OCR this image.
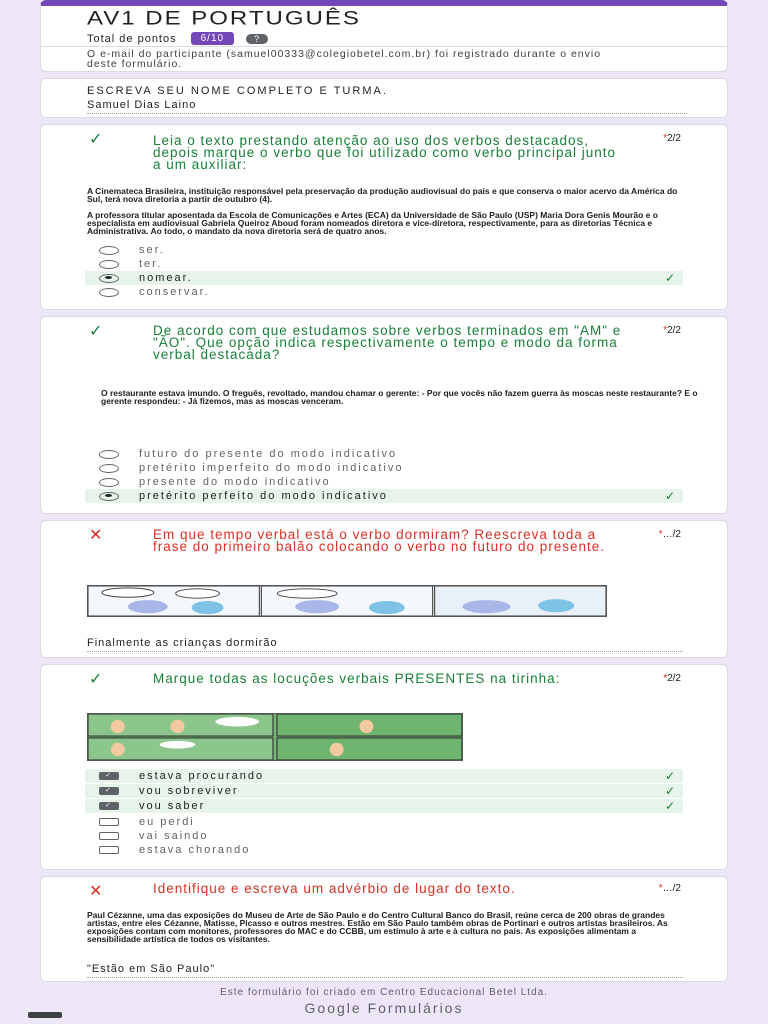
AV1 DE PORTUGUÊS
Total de pontos	6/10	?
O e-mail do participante (samuel00333@colegiobetel.com.br) foi registrado durante o envio deste formulário.
ESCREVA SEU NOME COMPLETO E TURMA.
Samuel Dias Laino
✓	Leia o texto prestando atenção ao uso dos verbos destacados, depois marque o verbo que foi utilizado como verbo principal junto a um auxiliar:
*2/2
A Cinemateca Brasileira, instituição responsável pela preservação da produção audiovisual do país e que conserva o maior acervo da América do Sul, terá nova diretoria a partir de outubro (4).
A professora titular aposentada da Escola de Comunicações e Artes (ECA) da Universidade de São Paulo (USP) Maria Dora Genis Mourão e o especialista em audiovisual Gabriela Queiroz Aboud foram nomeados diretora e vice-diretora, respectivamente, para as diretorias Técnica e Administrativa. Ao todo, o mandato da nova diretoria será de quatro anos.
ser.
ter.
nomear.	✓
conservar.
✓	De acordo com que estudamos sobre verbos terminados em "AM" e "ÃO". Que opção indica respectivamente o tempo e modo da forma verbal destacada?
*2/2
O restaurante estava imundo. O freguês, revoltado, mandou chamar o gerente: - Por que vocês não fazem guerra às moscas neste restaurante? E o gerente respondeu: - Já fizemos, mas as moscas venceram.
futuro do presente do modo indicativo
pretérito imperfeito do modo indicativo
presente do modo indicativo
pretérito perfeito do modo indicativo	✓
✕	Em que tempo verbal está o verbo dormiram? Reescreva toda a frase do primeiro balão colocando o verbo no futuro do presente.
*…/2
Finalmente as crianças dormirão
✓	Marque todas as locuções verbais PRESENTES na tirinha:	*2/2
✓	estava procurando	✓
✓	vou sobreviver	✓
✓	vou saber	✓
eu perdi
vai saindo
estava chorando
✕	Identifique e escreva um advérbio de lugar do texto.	*…/2
Paul Cézanne, uma das exposições do Museu de Arte de São Paulo e do Centro Cultural Banco do Brasil, reúne cerca de 200 obras de grandes artistas, entre eles Cézanne, Matisse, Picasso e outros mestres. Estão em São Paulo também obras de Portinari e outros artistas brasileiros. As exposições contam com monitores, professores do MAC e do CCBB, um estímulo à arte e à cultura no país. As exposições alimentam a sensibilidade artística de todos os visitantes.
"Estão em São Paulo"
Este formulário foi criado em Centro Educacional Betel Ltda.
Google Formulários
